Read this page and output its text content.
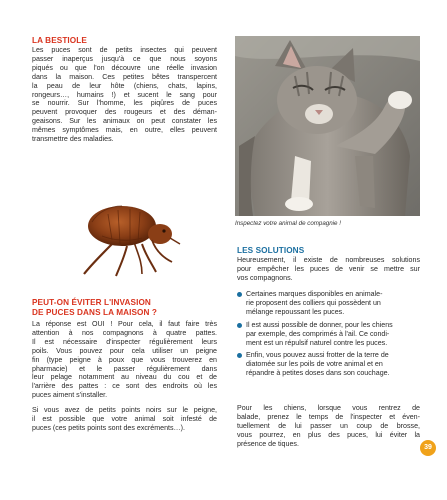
LA BESTIOLE
Les puces sont de petits insectes qui peuvent
passer inaperçus jusqu'à ce que nous soyons
piqués ou que l'on découvre une réelle invasion
dans la maison. Ces petites bêtes transpercent
la peau de leur hôte (chiens, chats, lapins,
rongeurs…, humains !) et sucent le sang pour
se nourrir. Sur l'homme, les piqûres de puces
peuvent provoquer des rougeurs et des déman-
geaisons. Sur les animaux on peut constater les
mêmes symptômes mais, en outre, elles peuvent
transmettre des maladies.
PEUT-ON ÉVITER L'INVASION
DE PUCES DANS LA MAISON ?
La réponse est OUI ! Pour cela, il faut faire très
attention à nos compagnons à quatre pattes.
Il est nécessaire d'inspecter régulièrement leurs
poils. Vous pouvez pour cela utiliser un peigne
fin (type peigne à poux que vous trouverez en
pharmacie) et le passer régulièrement dans
leur pelage notamment au niveau du cou et de
l'arrière des pattes : ce sont des endroits où les
puces aiment s'installer.
Si vous avez de petits points noirs sur le peigne,
il est possible que votre animal soit infesté de
puces (ces petits points sont des excréments…).
Inspectez votre animal de compagnie !
LES SOLUTIONS
Heureusement, il existe de nombreuses solutions
pour empêcher les puces de venir se mettre sur
vos compagnons.
Certaines marques disponibles en animale-
rie proposent des colliers qui possèdent un
mélange repoussant les puces.
Il est aussi possible de donner, pour les chiens
par exemple, des comprimés à l'ail. Ce condi-
ment est un répulsif naturel contre les puces.
Enfin, vous pouvez aussi frotter de la terre de
diatomée sur les poils de votre animal et en
répandre à petites doses dans son couchage.
Pour les chiens, lorsque vous rentrez de
balade, prenez le temps de l'inspecter et éven-
tuellement de lui passer un coup de brosse,
vous pourrez, en plus des puces, lui éviter la
présence de tiques.	39
